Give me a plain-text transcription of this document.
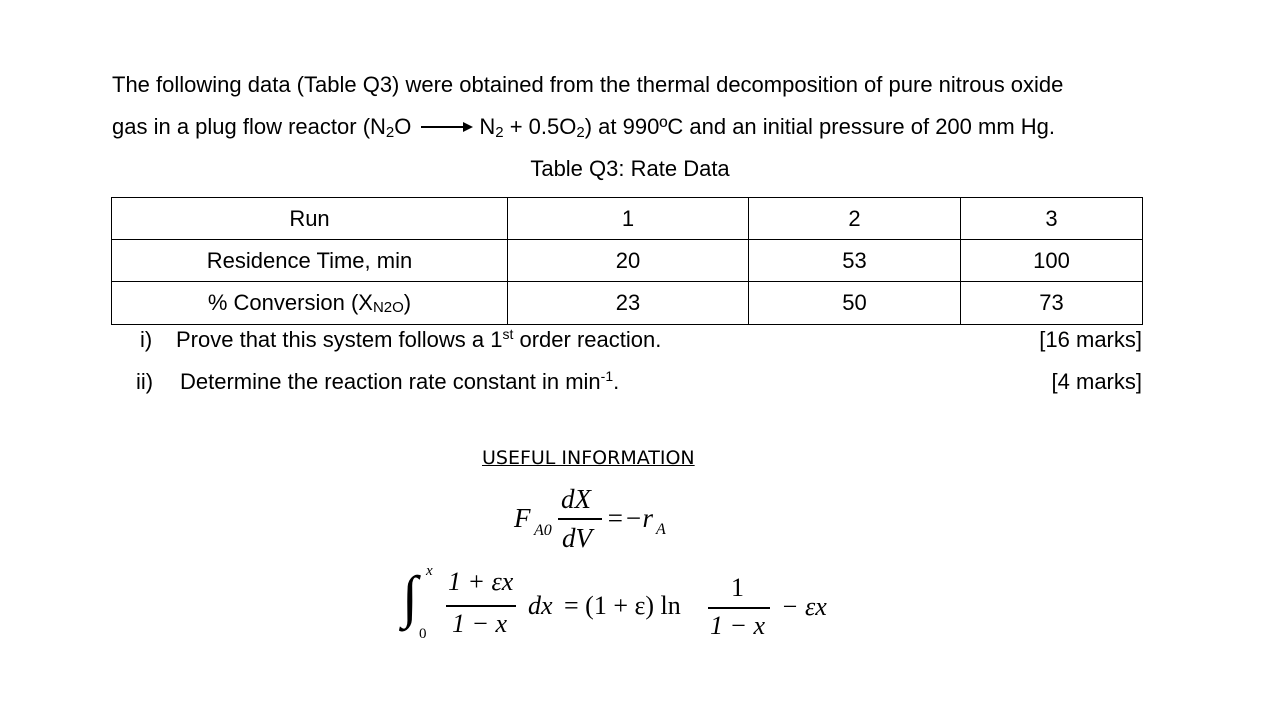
The following data (Table Q3) were obtained from the thermal decomposition of pure nitrous oxide
gas in a plug flow reactor ($N_2O$	$N_2 + 0.5O_2$) at 990ºC and an initial pressure of 200 mm Hg.
Table Q3: Rate Data
Run	1	2	3
Residence Time, min	20	53	100
% Conversion $(X_{N2O})$	23	50	73
i) Prove that this system follows a 1st order reaction.	[16 marks]
ii) Determine the reaction rate constant in $\min^{-1}$.	[4 marks]
USEFUL INFORMATION
F A0
dX
dV
=−r A
∫ x
0
1 + εx
1 − x
dx = (1 + ε) ln
1
1 − x
− εx
